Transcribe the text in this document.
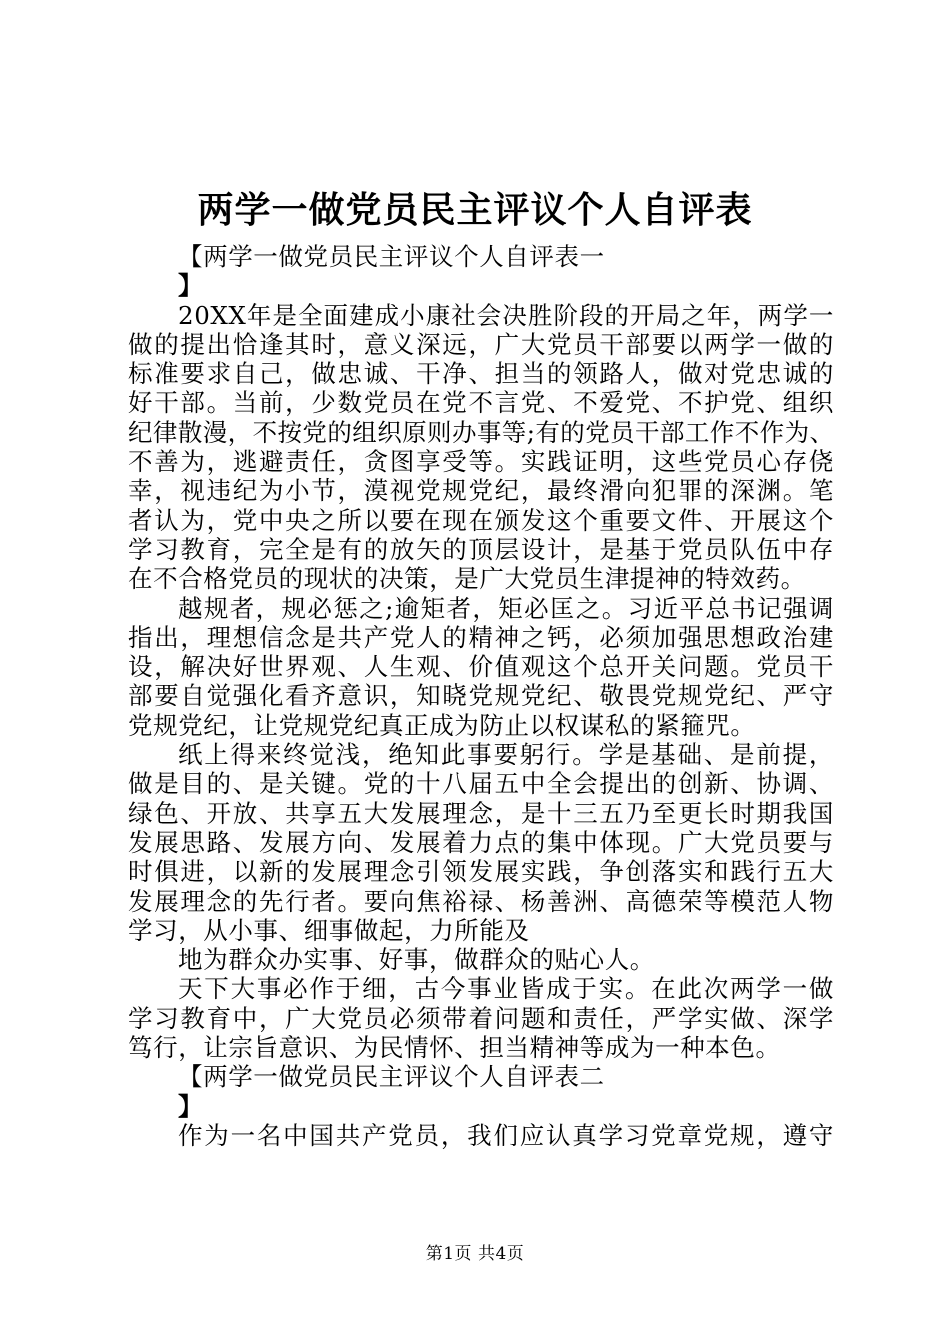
两学一做党员民主评议个人自评表
【两学一做党员民主评议个人自评表一
】
20XX年是全面建成小康社会决胜阶段的开局之年，两学一
做的提出恰逢其时，意义深远，广大党员干部要以两学一做的
标准要求自己，做忠诚、干净、担当的领路人，做对党忠诚的
好干部。当前，少数党员在党不言党、不爱党、不护党、组织
纪律散漫，不按党的组织原则办事等;有的党员干部工作不作为、
不善为，逃避责任，贪图享受等。实践证明，这些党员心存侥
幸，视违纪为小节，漠视党规党纪，最终滑向犯罪的深渊。笔
者认为，党中央之所以要在现在颁发这个重要文件、开展这个
学习教育，完全是有的放矢的顶层设计，是基于党员队伍中存
在不合格党员的现状的决策，是广大党员生津提神的特效药。
越规者，规必惩之;逾矩者，矩必匡之。习近平总书记强调
指出，理想信念是共产党人的精神之钙，必须加强思想政治建
设，解决好世界观、人生观、价值观这个总开关问题。党员干
部要自觉强化看齐意识，知晓党规党纪、敬畏党规党纪、严守
党规党纪，让党规党纪真正成为防止以权谋私的紧箍咒。
纸上得来终觉浅，绝知此事要躬行。学是基础、是前提，
做是目的、是关键。党的十八届五中全会提出的创新、协调、
绿色、开放、共享五大发展理念，是十三五乃至更长时期我国
发展思路、发展方向、发展着力点的集中体现。广大党员要与
时俱进，以新的发展理念引领发展实践，争创落实和践行五大
发展理念的先行者。要向焦裕禄、杨善洲、高德荣等模范人物
学习，从小事、细事做起，力所能及
地为群众办实事、好事，做群众的贴心人。
天下大事必作于细，古今事业皆成于实。在此次两学一做
学习教育中，广大党员必须带着问题和责任，严学实做、深学
笃行，让宗旨意识、为民情怀、担当精神等成为一种本色。
【两学一做党员民主评议个人自评表二
】
作为一名中国共产党员，我们应认真学习党章党规，遵守
第1页 共4页
